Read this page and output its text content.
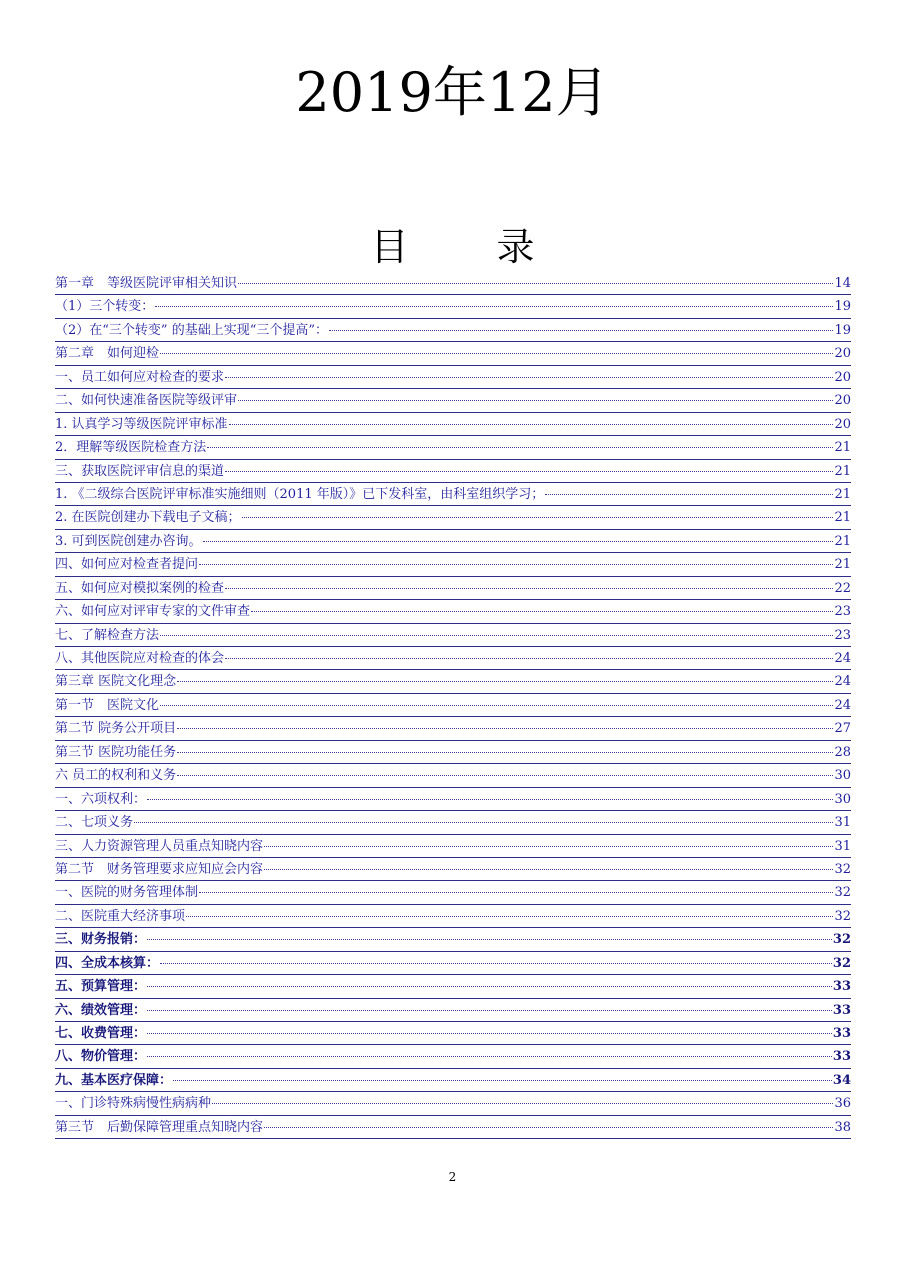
2019年12月
目录
第一章　等级医院评审相关知识	14
（1）三个转变：	19
（2）在“三个转变” 的基础上实现“三个提高”：	19
第二章　如何迎检	20
一、员工如何应对检查的要求	20
二、如何快速准备医院等级评审	20
1. 认真学习等级医院评审标准	20
2．理解等级医院检查方法	21
三、获取医院评审信息的渠道	21
1. 《二级综合医院评审标准实施细则（2011 年版）》已下发科室，由科室组织学习；	21
2. 在医院创建办下载电子文稿；	21
3. 可到医院创建办咨询。	21
四、如何应对检查者提问	21
五、如何应对模拟案例的检查	22
六、如何应对评审专家的文件审查	23
七、了解检查方法	23
八、其他医院应对检查的体会	24
第三章 医院文化理念	24
第一节　医院文化	24
第二节 院务公开项目	27
第三节 医院功能任务	28
六 员工的权利和义务	30
一、六项权利：	30
二、七项义务	31
三、人力资源管理人员重点知晓内容	31
第二节　财务管理要求应知应会内容	32
一、医院的财务管理体制	32
二、医院重大经济事项	32
三、财务报销：	32
四、全成本核算：	32
五、预算管理：	33
六、绩效管理：	33
七、收费管理：	33
八、物价管理：	33
九、基本医疗保障：	34
一、门诊特殊病慢性病病种	36
第三节　后勤保障管理重点知晓内容	38
2
